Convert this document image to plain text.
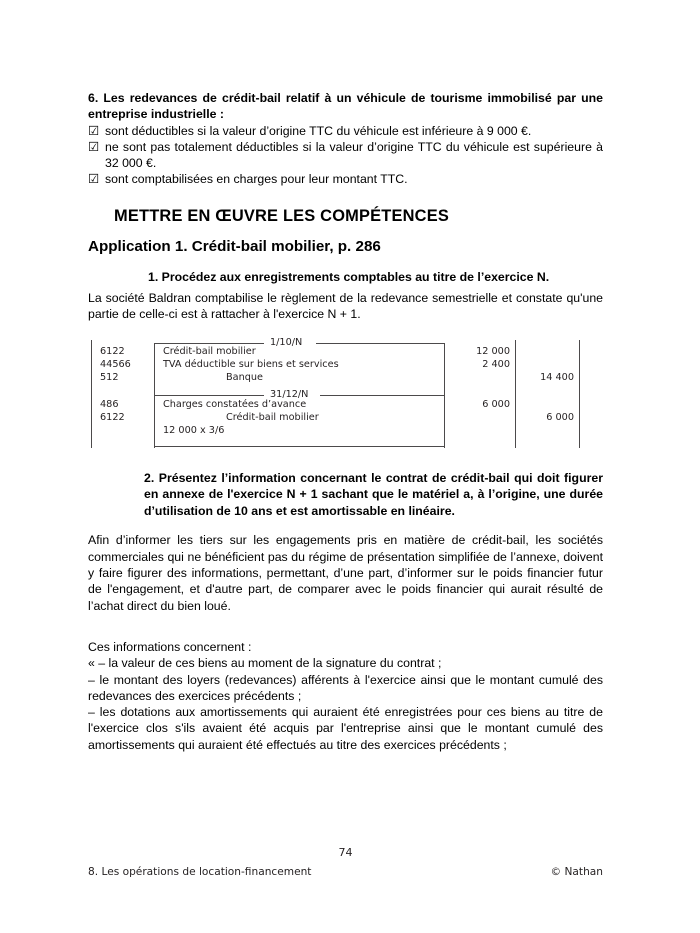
6. Les redevances de crédit-bail relatif à un véhicule de tourisme immobilisé par une entreprise industrielle :

☑ sont déductibles si la valeur d’origine TTC du véhicule est inférieure à 9 000 €.
☑ ne sont pas totalement déductibles si la valeur d’origine TTC du véhicule est supérieure à 32 000 €.
☑ sont comptabilisées en charges pour leur montant TTC.
METTRE EN ŒUVRE LES COMPÉTENCES
Application 1. Crédit-bail mobilier, p. 286

1. Procédez aux enregistrements comptables au titre de l’exercice N.

La société Baldran comptabilise le règlement de la redevance semestrielle et constate qu'une partie de celle-ci est à rattacher à l'exercice N + 1.

1/10/N
6122	Crédit-bail mobilier	12 000
44566	TVA déductible sur biens et services	2 400
512	Banque	14 400
31/12/N
486	Charges constatées d’avance	6 000
6122	Crédit-bail mobilier	6 000
12 000 x 3/6

2. Présentez l’information concernant le contrat de crédit-bail qui doit figurer en annexe de l'exercice N + 1 sachant que le matériel a, à l’origine, une durée d’utilisation de 10 ans et est amortissable en linéaire.

Afin d’informer les tiers sur les engagements pris en matière de crédit-bail, les sociétés commerciales qui ne bénéficient pas du régime de présentation simplifiée de l’annexe, doivent y faire figurer des informations, permettant, d’une part, d’informer sur le poids financier futur de l'engagement, et d'autre part, de comparer avec le poids financier qui aurait résulté de l’achat direct du bien loué.

Ces informations concernent :

« – la valeur de ces biens au moment de la signature du contrat ;

– le montant des loyers (redevances) afférents à l'exercice ainsi que le montant cumulé des redevances des exercices précédents ;

– les dotations aux amortissements qui auraient été enregistrées pour ces biens au titre de l'exercice clos s'ils avaient été acquis par l'entreprise ainsi que le montant cumulé des amortissements qui auraient été effectués au titre des exercices précédents ;

74
8. Les opérations de location-financement	© Nathan
